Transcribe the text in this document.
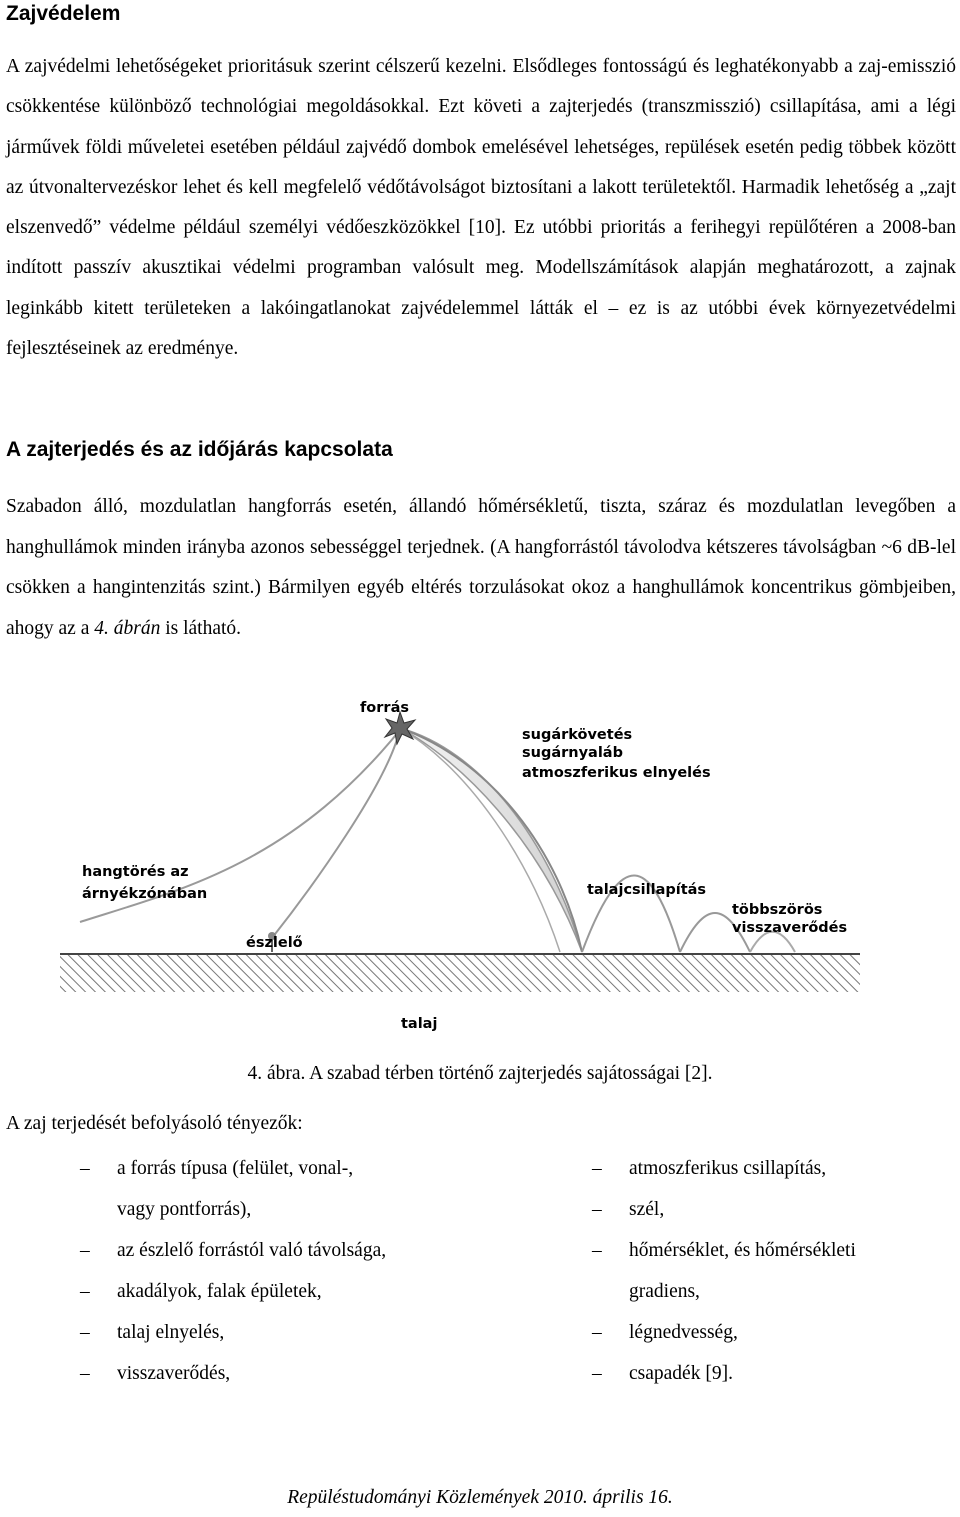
Zajvédelem

A zajvédelmi lehetőségeket prioritásuk szerint célszerű kezelni. Elsődleges fontosságú és leghatékonyabb a zaj-emisszió csökkentése különböző technológiai megoldásokkal. Ezt követi a zajterjedés (transzmisszió) csillapítása, ami a légi járművek földi műveletei esetében például zajvédő dombok emelésével lehetséges, repülések esetén pedig többek között az útvonaltervezéskor lehet és kell megfelelő védőtávolságot biztosítani a lakott területektől. Harmadik lehetőség a „zajt elszenvedő” védelme például személyi védőeszközökkel [10]. Ez utóbbi prioritás a ferihegyi repülőtéren a 2008-ban indított passzív akusztikai védelmi programban valósult meg. Modellszámítások alapján meghatározott, a zajnak leginkább kitett területeken a lakóingatlanokat zajvédelemmel látták el ‒ ez is az utóbbi évek környezetvédelmi fejlesztéseinek az eredménye.

A zajterjedés és az időjárás kapcsolata

Szabadon álló, mozdulatlan hangforrás esetén, állandó hőmérsékletű, tiszta, száraz és mozdulatlan levegőben a hanghullámok minden irányba azonos sebességgel terjednek. (A hangforrástól távolodva kétszeres távolságban ~6 dB-lel csökken a hangintenzitás szint.) Bármilyen egyéb eltérés torzulásokat okoz a hanghullámok koncentrikus gömbjeiben, ahogy az a 4. ábrán is látható.

forrás
sugárkövetés
sugárnyaláb
atmoszferikus elnyelés
hangtörés az
árnyékzónában
észlelő
talajcsillapítás
többszörös
visszaverődés
talaj

4. ábra. A szabad térben történő zajterjedés sajátosságai [2].

A zaj terjedését befolyásoló tényezők:

– a forrás típusa (felület, vonal-,
vagy pontforrás),
– az észlelő forrástól való távolsága,
– akadályok, falak épületek,
– talaj elnyelés,
– visszaverődés,
– atmoszferikus csillapítás,
– szél,
– hőmérséklet, és hőmérsékleti
gradiens,
– légnedvesség,
– csapadék [9].

Repüléstudományi Közlemények 2010. április 16.
